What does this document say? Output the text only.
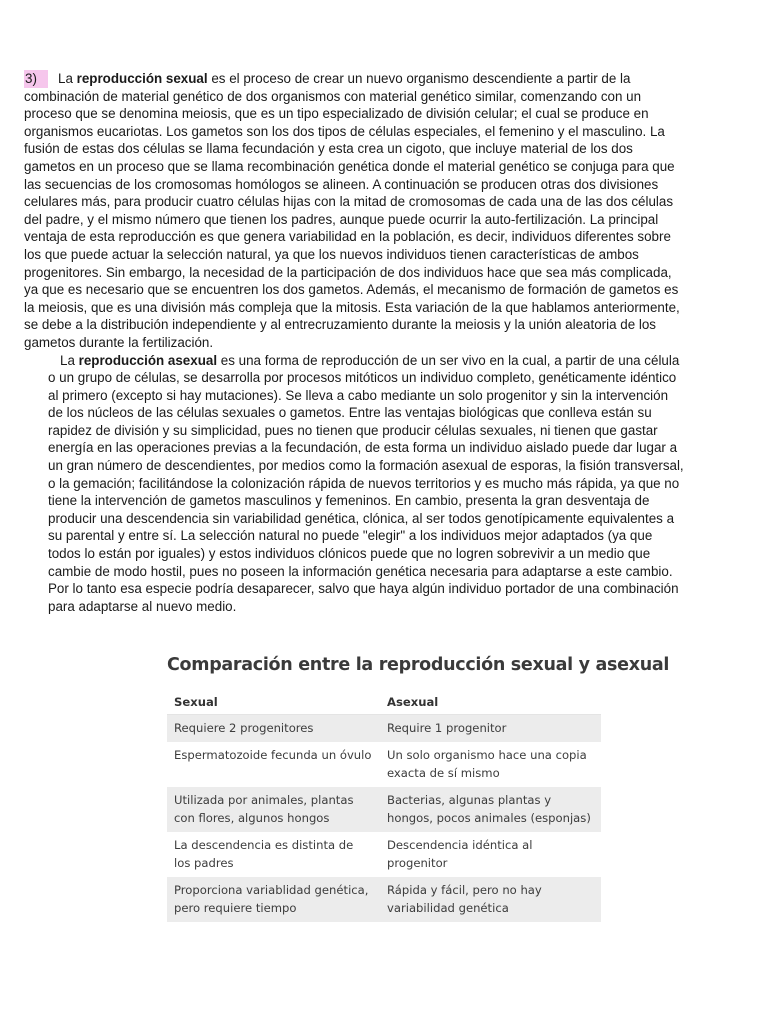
3) La reproducción sexual es el proceso de crear un nuevo organismo descendiente a partir de la combinación de material genético de dos organismos con material genético similar, comenzando con un proceso que se denomina meiosis, que es un tipo especializado de división celular; el cual se produce en organismos eucariotas. Los gametos son los dos tipos de células especiales, el femenino y el masculino. La fusión de estas dos células se llama fecundación y esta crea un cigoto, que incluye material de los dos gametos en un proceso que se llama recombinación genética donde el material genético se conjuga para que las secuencias de los cromosomas homólogos se alineen. A continuación se producen otras dos divisiones celulares más, para producir cuatro células hijas con la mitad de cromosomas de cada una de las dos células del padre, y el mismo número que tienen los padres, aunque puede ocurrir la auto-fertilización. La principal ventaja de esta reproducción es que genera variabilidad en la población, es decir, individuos diferentes sobre los que puede actuar la selección natural, ya que los nuevos individuos tienen características de ambos progenitores. Sin embargo, la necesidad de la participación de dos individuos hace que sea más complicada, ya que es necesario que se encuentren los dos gametos. Además, el mecanismo de formación de gametos es la meiosis, que es una división más compleja que la mitosis. Esta variación de la que hablamos anteriormente, se debe a la distribución independiente y al entrecruzamiento durante la meiosis y la unión aleatoria de los gametos durante la fertilización.

La reproducción asexual es una forma de reproducción de un ser vivo en la cual, a partir de una célula o un grupo de células, se desarrolla por procesos mitóticos un individuo completo, genéticamente idéntico al primero (excepto si hay mutaciones). Se lleva a cabo mediante un solo progenitor y sin la intervención de los núcleos de las células sexuales o gametos. Entre las ventajas biológicas que conlleva están su rapidez de división y su simplicidad, pues no tienen que producir células sexuales, ni tienen que gastar energía en las operaciones previas a la fecundación, de esta forma un individuo aislado puede dar lugar a un gran número de descendientes, por medios como la formación asexual de esporas, la fisión transversal, o la gemación; facilitándose la colonización rápida de nuevos territorios y es mucho más rápida, ya que no tiene la intervención de gametos masculinos y femeninos. En cambio, presenta la gran desventaja de producir una descendencia sin variabilidad genética, clónica, al ser todos genotípicamente equivalentes a su parental y entre sí. La selección natural no puede "elegir" a los individuos mejor adaptados (ya que todos lo están por iguales) y estos individuos clónicos puede que no logren sobrevivir a un medio que cambie de modo hostil, pues no poseen la información genética necesaria para adaptarse a este cambio. Por lo tanto esa especie podría desaparecer, salvo que haya algún individuo portador de una combinación para adaptarse al nuevo medio.

Comparación entre la reproducción sexual y asexual
Sexual	Asexual
Requiere 2 progenitores	Require 1 progenitor
Espermatozoide fecunda un óvulo	Un solo organismo hace una copia exacta de sí mismo
Utilizada por animales, plantas con flores, algunos hongos	Bacterias, algunas plantas y hongos, pocos animales (esponjas)
La descendencia es distinta de los padres	Descendencia idéntica al progenitor
Proporciona variablidad genética, pero requiere tiempo	Rápida y fácil, pero no hay variabilidad genética
